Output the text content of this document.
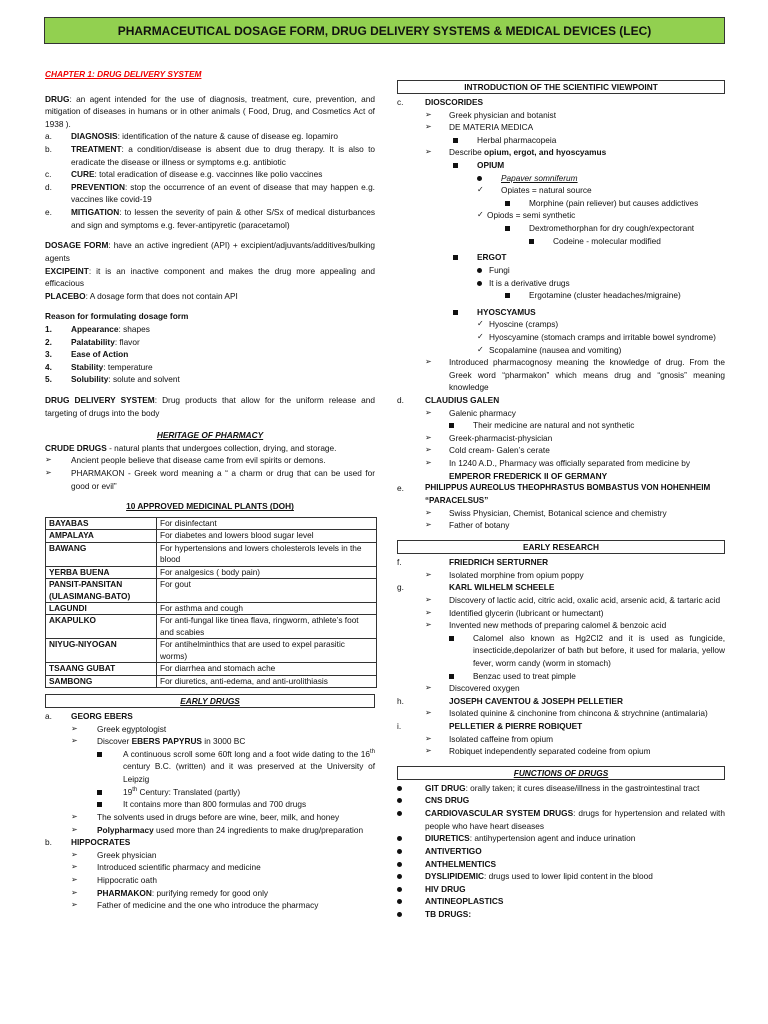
PHARMACEUTICAL DOSAGE FORM, DRUG DELIVERY SYSTEMS & MEDICAL DEVICES (LEC)

CHAPTER 1: DRUG DELIVERY SYSTEM

DRUG: an agent intended for the use of diagnosis, treatment, cure, prevention, and mitigation of diseases in humans or in other animals ( Food, Drug, and Cosmetics Act of 1938 ).

a.	DIAGNOSIS: identification of the nature & cause of disease eg. Iopamiro
b.	TREATMENT: a condition/disease is absent due to drug therapy. It is also to eradicate the disease or illness or symptoms e.g. antibiotic
c.	CURE: total eradication of disease e.g. vaccinnes like polio vaccines
d.	PREVENTION: stop the occurrence of an event of disease that may happen e.g. vaccines like covid-19
e.	MITIGATION: to lessen the severity of pain & other S/Sx of medical disturbances and sign and symptoms e.g. fever-antipyretic (paracetamol)

DOSAGE FORM: have an active ingredient (API) + excipient/adjuvants/additives/bulking agents

EXCIPEINT: it is an inactive component and makes the drug more appealing and efficacious

PLACEBO: A dosage form that does not contain API

Reason for formulating dosage form

1.	Appearance: shapes
2.	Palatability: flavor
3.	Ease of Action
4.	Stability: temperature
5.	Solubility: solute and solvent

DRUG DELIVERY SYSTEM: Drug products that allow for the uniform release and targeting of drugs into the body

HERITAGE OF PHARMACY

CRUDE DRUGS - natural plants that undergoes collection, drying, and storage.

➢	Ancient people believe that disease came from evil spirits or demons.
➢	PHARMAKON - Greek word meaning a “ a charm or drug that can be used for good or evil”

10 APPROVED MEDICINAL PLANTS (DOH)

BAYABAS	For disinfectant
AMPALAYA	For diabetes and lowers blood sugar level
BAWANG	For hypertensions and lowers cholesterols levels in the blood
YERBA BUENA	For analgesics ( body pain)
PANSIT-PANSITAN (ULASIMANG-BATO)	For gout
LAGUNDI	For asthma and cough
AKAPULKO	For anti-fungal like tinea flava, ringworm, athlete’s foot and scabies
NIYUG-NIYOGAN	For antihelminthics that are used to expel parasitic worms)
TSAANG GUBAT	For diarrhea and stomach ache
SAMBONG	For diuretics, anti-edema, and anti-urolithiasis
EARLY DRUGS
a.	GEORG EBERS
➢	Greek egyptologist
➢	Discover EBERS PAPYRUS in 3000 BC
A continuous scroll some 60ft long and a foot wide dating to the 16th century B.C. (written) and it was preserved at the University of Leipzig
19th Century: Translated (partly)
It contains more than 800 formulas and 700 drugs
➢	The solvents used in drugs before are wine, beer, milk, and honey
➢	Polypharmacy used more than 24 ingredients to make drug/preparation
b.	HIPPOCRATES
➢	Greek physician
➢	Introduced scientific pharmacy and medicine
➢	Hippocratic oath
➢	PHARMAKON: purifying remedy for good only
➢	Father of medicine and the one who introduce the pharmacy
INTRODUCTION OF THE SCIENTIFIC VIEWPOINT
c.	DIOSCORIDES
➢	Greek physician and botanist
➢	DE MATERIA MEDICA
Herbal pharmacopeia
➢	Describe opium, ergot, and hyoscyamus
OPIUM
Papaver somniferum
✓	Opiates = natural source
Morphine (pain reliever) but causes addictives
✓ Opiods = semi synthetic
Dextromethorphan for dry cough/expectorant
Codeine - molecular modified
ERGOT
Fungi
It is a derivative drugs
Ergotamine (cluster headaches/migraine)
HYOSCYAMUS
✓ Hyoscine (cramps)
✓ Hyoscyamine (stomach cramps and irritable bowel syndrome)
✓ Scopalamine (nausea and vomiting)
➢	Introduced pharmacognosy meaning the knowledge of drug. From the Greek word “pharmakon” which means drug and “gnosis” meaning knowledge
d.	CLAUDIUS GALEN
➢	Galenic pharmacy
Their medicine are natural and not synthetic
➢	Greek-pharmacist-physician
➢	Cold cream- Galen’s cerate
➢	In 1240 A.D., Pharmacy was officially separated from medicine by
EMPEROR FREDERICK II OF GERMANY
e.	PHILIPPUS AUREOLUS THEOPHRASTUS BOMBASTUS VON HOHENHEIM
“PARACELSUS”
➢	Swiss Physician, Chemist, Botanical science and chemistry
➢	Father of botany
EARLY RESEARCH
f.	FRIEDRICH SERTURNER
➢	Isolated morphine from opium poppy
g.	KARL WILHELM SCHEELE
➢	Discovery of lactic acid, citric acid, oxalic acid, arsenic acid, & tartaric acid
➢	Identified glycerin (lubricant or humectant)
➢	Invented new methods of preparing calomel & benzoic acid
Calomel also known as Hg2Cl2 and it is used as fungicide, insecticide,depolarizer of bath but before, it used for malaria, yellow fever, worm candy (worm in stomach)
Benzac used to treat pimple
➢	Discovered oxygen
h.	JOSEPH CAVENTOU & JOSEPH PELLETIER
➢	Isolated quinine & cinchonine from chincona & strychnine (antimalaria)
i.	PELLETIER & PIERRE ROBIQUET
➢	Isolated caffeine from opium
➢	Robiquet independently separated codeine from opium
FUNCTIONS OF DRUGS
GIT DRUG: orally taken; it cures disease/illness in the gastrointestinal tract
CNS DRUG
CARDIOVASCULAR SYSTEM DRUGS: drugs for hypertension and related with people who have heart diseases
DIURETICS: antihypertension agent and induce urination
ANTIVERTIGO
ANTHELMENTICS
DYSLIPIDEMIC: drugs used to lower lipid content in the blood
HIV DRUG
ANTINEOPLASTICS
TB DRUGS:
